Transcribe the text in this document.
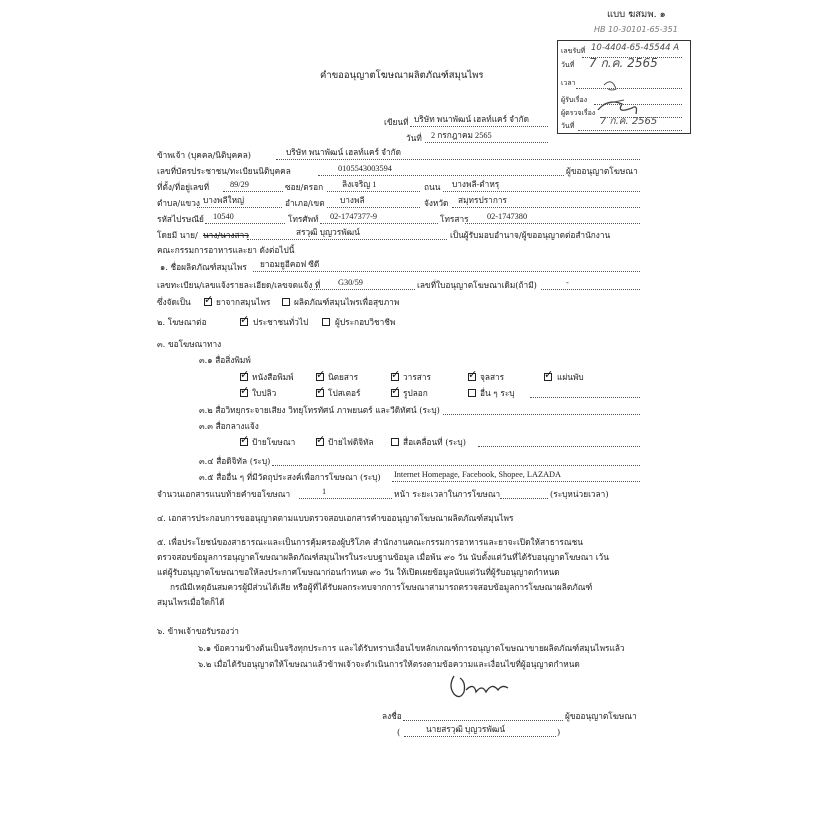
แบบ ฆสมพ. ๑
HB 10-30101-65-351
คำขออนุญาตโฆษณาผลิตภัณฑ์สมุนไพร
เลขรับที่ 10-4404-65-45544 A
วันที่ 7 ก.ค. 2565
เวลา
ผู้รับเรื่อง
ผู้ตรวจเรื่อง
วันที่	7 ก.ค. 2565
เขียนที่ บริษัท พนาพัฒน์ เฮลท์แคร์ จำกัด
วันที่ 2 กรกฎาคม 2565
ข้าพเจ้า (บุคคล/นิติบุคคล)	บริษัท พนาพัฒน์ เฮลท์แคร์ จำกัด
เลขที่บัตรประชาชน/ทะเบียนนิติบุคคล	0105543003594	ผู้ขออนุญาตโฆษณา
ที่ตั้ง/ที่อยู่เลขที่	89/29	ซอย/ตรอก ลิงเจริญ 1	ถนน บางพลี-ตำหรุ
ตำบล/แขวง บางพลีใหญ่	อำเภอ/เขต บางพลี	จังหวัด สมุทรปราการ
รหัสไปรษณีย์ 10540	โทรศัพท์ 02-1747377-9	โทรสาร 02-1747380
โดยมี นาย/ นาง/นางสาว	สรวุฒิ บุญวรพัฒน์	เป็นผู้รับมอบอำนาจ/ผู้ขออนุญาตต่อสำนักงาน
คณะกรรมการอาหารและยา ดังต่อไปนี้
๑. ชื่อผลิตภัณฑ์สมุนไพร ยาอมยูอีคอฟ ซีดี
เลขทะเบียน/เลขแจ้งรายละเอียด/เลขจดแจ้ง ที่ G30/59	เลขที่ใบอนุญาตโฆษณาเดิม(ถ้ามี)	-
ซึ่งจัดเป็น ✓ ยาจากสมุนไพร	ผลิตภัณฑ์สมุนไพรเพื่อสุขภาพ
๒. โฆษณาต่อ	✓ ประชาชนทั่วไป	ผู้ประกอบวิชาชีพ
๓. ขอโฆษณาทาง
๓.๑ สื่อสิ่งพิมพ์
✓ หนังสือพิมพ์ ✓ นิตยสาร	✓ วารสาร	✓ จุลสาร	✓ แผ่นพับ
✓ ใบปลิว	✓ โปสเตอร์	✓ รูปลอก	อื่น ๆ ระบุ
๓.๒ สื่อวิทยุกระจายเสียง วิทยุโทรทัศน์ ภาพยนตร์ และวีดิทัศน์ (ระบุ)
๓.๓ สื่อกลางแจ้ง
✓ ป้ายโฆษณา ✓ ป้ายไฟดิจิทัล	สื่อเคลื่อนที่ (ระบุ)
๓.๔ สื่อดิจิทัล (ระบุ)
๓.๕ สื่ออื่น ๆ ที่มีวัตถุประสงค์เพื่อการโฆษณา (ระบุ) Internet Homepage, Facebook, Shopee, LAZADA
จำนวนเอกสารแนบท้ายคำขอโฆษณา	1	หน้า ระยะเวลาในการโฆษณา	(ระบุหน่วยเวลา)
๔. เอกสารประกอบการขออนุญาตตามแบบตรวจสอบเอกสารคำขออนุญาตโฆษณาผลิตภัณฑ์สมุนไพร
๕. เพื่อประโยชน์ของสาธารณะและเป็นการคุ้มครองผู้บริโภค สำนักงานคณะกรรมการอาหารและยาจะเปิดให้สาธารณชน
ตรวจสอบข้อมูลการอนุญาตโฆษณาผลิตภัณฑ์สมุนไพรในระบบฐานข้อมูล เมื่อพ้น ๙๐ วัน นับตั้งแต่วันที่ได้รับอนุญาตโฆษณา เว้น
แต่ผู้รับอนุญาตโฆษณาขอให้ลงประกาศโฆษณาก่อนกำหนด ๙๐ วัน ให้เปิดเผยข้อมูลนับแต่วันที่ผู้รับอนุญาตกำหนด
กรณีมีเหตุอันสมควรผู้มีส่วนได้เสีย หรือผู้ที่ได้รับผลกระทบจากการโฆษณาสามารถตรวจสอบข้อมูลการโฆษณาผลิตภัณฑ์
สมุนไพรเมื่อใดก็ได้
๖. ข้าพเจ้าขอรับรองว่า
๖.๑ ข้อความข้างต้นเป็นจริงทุกประการ และได้รับทราบเงื่อนไขหลักเกณฑ์การอนุญาตโฆษณาขายผลิตภัณฑ์สมุนไพรแล้ว
๖.๒ เมื่อได้รับอนุญาตให้โฆษณาแล้วข้าพเจ้าจะดำเนินการให้ตรงตามข้อความและเงื่อนไขที่ผู้อนุญาตกำหนด
ลงชื่อ	ผู้ขออนุญาตโฆษณา
(	นายสรวุฒิ บุญวรพัฒน์	)
